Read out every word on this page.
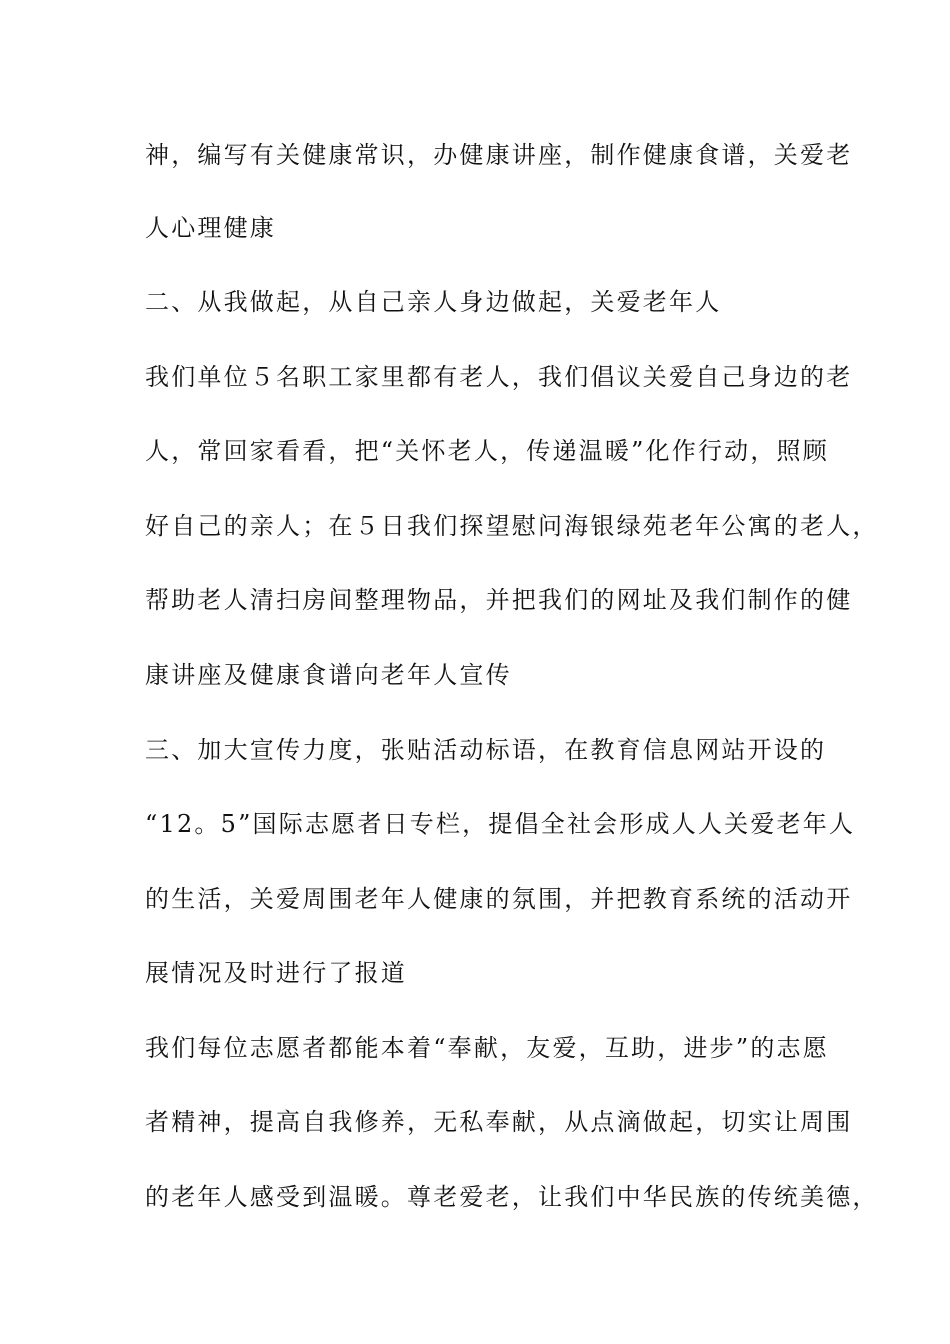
神，编写有关健康常识，办健康讲座，制作健康食谱，关爱老
人心理健康
二、从我做起，从自己亲人身边做起，关爱老年人
我们单位５名职工家里都有老人，我们倡议关爱自己身边的老
人，常回家看看，把“关怀老人，传递温暖”化作行动，照顾
好自己的亲人；在５日我们探望慰问海银绿苑老年公寓的老人，
帮助老人清扫房间整理物品，并把我们的网址及我们制作的健
康讲座及健康食谱向老年人宣传
三、加大宣传力度，张贴活动标语，在教育信息网站开设的
“12。5”国际志愿者日专栏，提倡全社会形成人人关爱老年人
的生活，关爱周围老年人健康的氛围，并把教育系统的活动开
展情况及时进行了报道
我们每位志愿者都能本着“奉献，友爱，互助，进步”的志愿
者精神，提高自我修养，无私奉献，从点滴做起，切实让周围
的老年人感受到温暖。尊老爱老，让我们中华民族的传统美德，
